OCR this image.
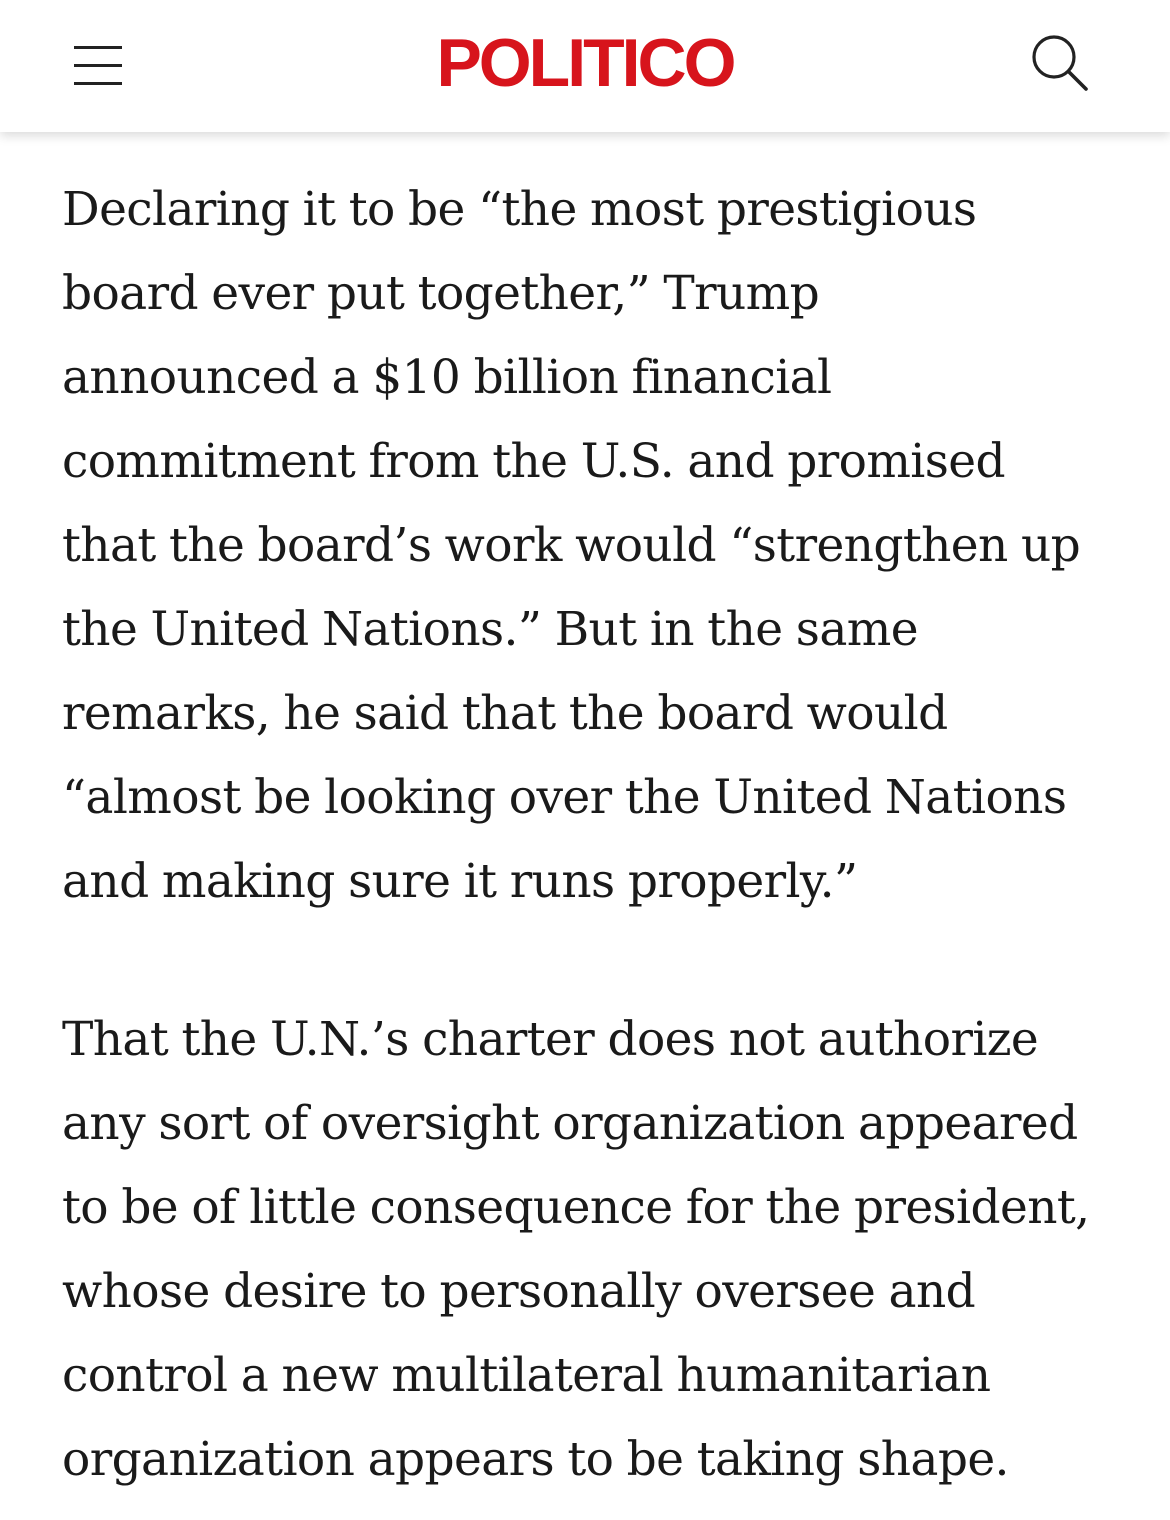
POLITICO

Declaring it to be “the most prestigious
board ever put together,” Trump
announced a $10 billion financial
commitment from the U.S. and promised
that the board’s work would “strengthen up
the United Nations.” But in the same
remarks, he said that the board would
“almost be looking over the United Nations
and making sure it runs properly.”

That the U.N.’s charter does not authorize
any sort of oversight organization appeared
to be of little consequence for the president,
whose desire to personally oversee and
control a new multilateral humanitarian
organization appears to be taking shape.
